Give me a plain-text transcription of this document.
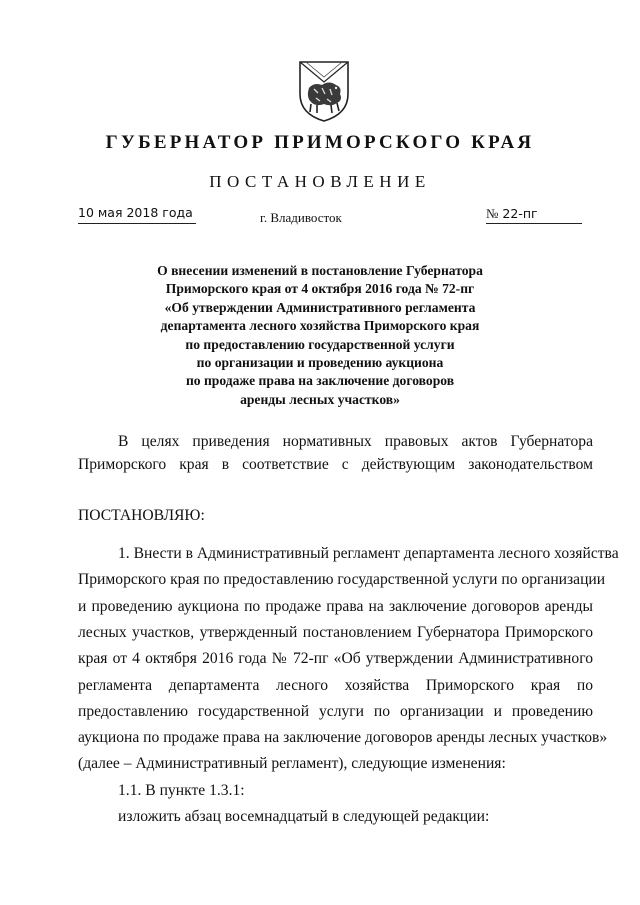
ГУБЕРНАТОР ПРИМОРСКОГО КРАЯ
ПОСТАНОВЛЕНИЕ
10 мая 2018 года	г. Владивосток	№ 22-пг
О внесении изменений в постановление Губернатора
Приморского края от 4 октября 2016 года № 72-пг
«Об утверждении Административного регламента
департамента лесного хозяйства Приморского края
по предоставлению государственной услуги
по организации и проведению аукциона
по продаже права на заключение договоров
аренды лесных участков»
В целях приведения нормативных правовых актов Губернатора
Приморского края в соответствие с действующим законодательством
ПОСТАНОВЛЯЮ:
1. Внести в Административный регламент департамента лесного хозяйства
Приморского края по предоставлению государственной услуги по организации
и проведению аукциона по продаже права на заключение договоров аренды
лесных участков, утвержденный постановлением Губернатора Приморского
края от 4 октября 2016 года № 72-пг «Об утверждении Административного
регламента департамента лесного хозяйства Приморского края по
предоставлению государственной услуги по организации и проведению
аукциона по продаже права на заключение договоров аренды лесных участков»
(далее – Административный регламент), следующие изменения:
1.1. В пункте 1.3.1:
изложить абзац восемнадцатый в следующей редакции:
